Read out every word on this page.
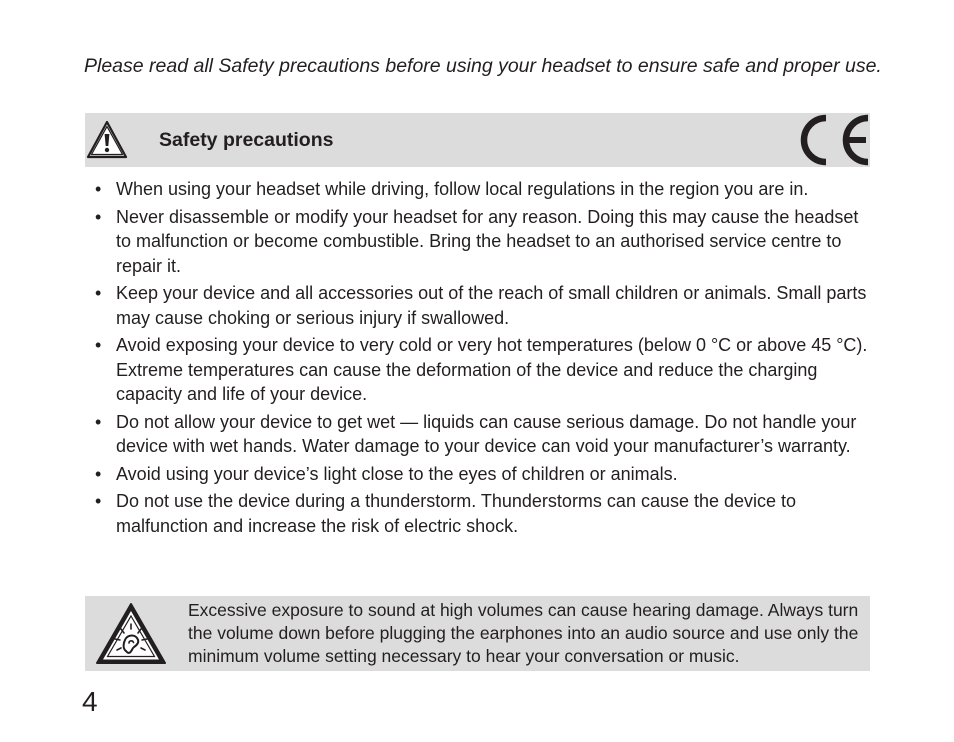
Please read all Safety precautions before using your headset to ensure safe and proper use.

Safety precautions
• When using your headset while driving, follow local regulations in the region you are in.
• Never disassemble or modify your headset for any reason. Doing this may cause the headset to malfunction or become combustible. Bring the headset to an authorised service centre to repair it.
• Keep your device and all accessories out of the reach of small children or animals. Small parts may cause choking or serious injury if swallowed.
• Avoid exposing your device to very cold or very hot temperatures (below 0 °C or above 45 °C).
Extreme temperatures can cause the deformation of the device and reduce the charging capacity and life of your device.
• Do not allow your device to get wet — liquids can cause serious damage. Do not handle your device with wet hands. Water damage to your device can void your manufacturer’s warranty.
• Avoid using your device’s light close to the eyes of children or animals.
• Do not use the device during a thunderstorm. Thunderstorms can cause the device to malfunction and increase the risk of electric shock.

Excessive exposure to sound at high volumes can cause hearing damage. Always turn the volume down before plugging the earphones into an audio source and use only the minimum volume setting necessary to hear your conversation or music.

4
